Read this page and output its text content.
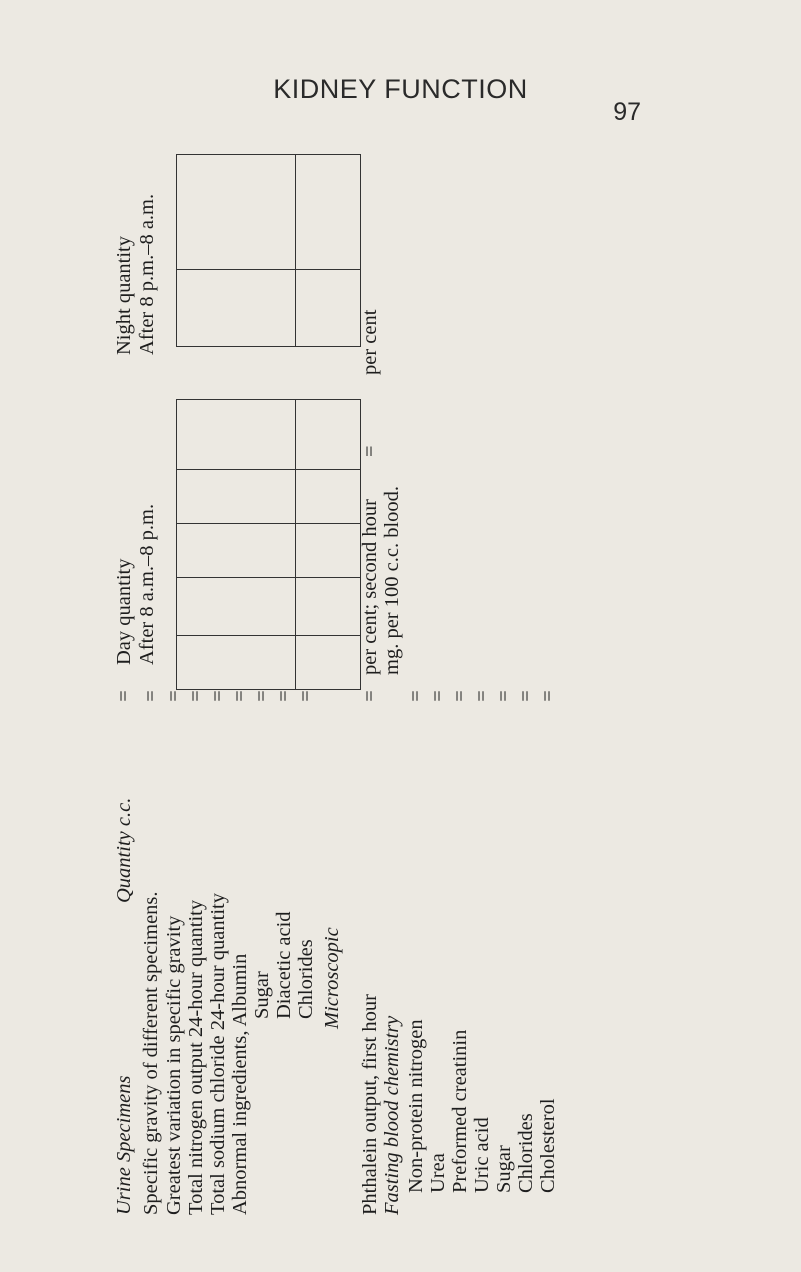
KIDNEY FUNCTION
97
Day quantity After 8 a.m.–8 p.m.
Night quantity After 8 p.m.–8 a.m.
Urine Specimens
Quantity c.c.
=
Specific gravity of different specimens.
=
Greatest variation in specific gravity
=
Total nitrogen output 24-hour quantity
=
Total sodium chloride 24-hour quantity
=
Abnormal ingredients, Albumin
=
Sugar
=
Diacetic acid
=
Chlorides
=
Microscopic
Phthalein output, first hour
=
per cent; second hour
=
per cent
Fasting blood chemistry
mg. per 100 c.c. blood.
Non-protein nitrogen
=
Urea
=
Preformed creatinin
=
Uric acid
=
Sugar
=
Chlorides
=
Cholesterol
=
